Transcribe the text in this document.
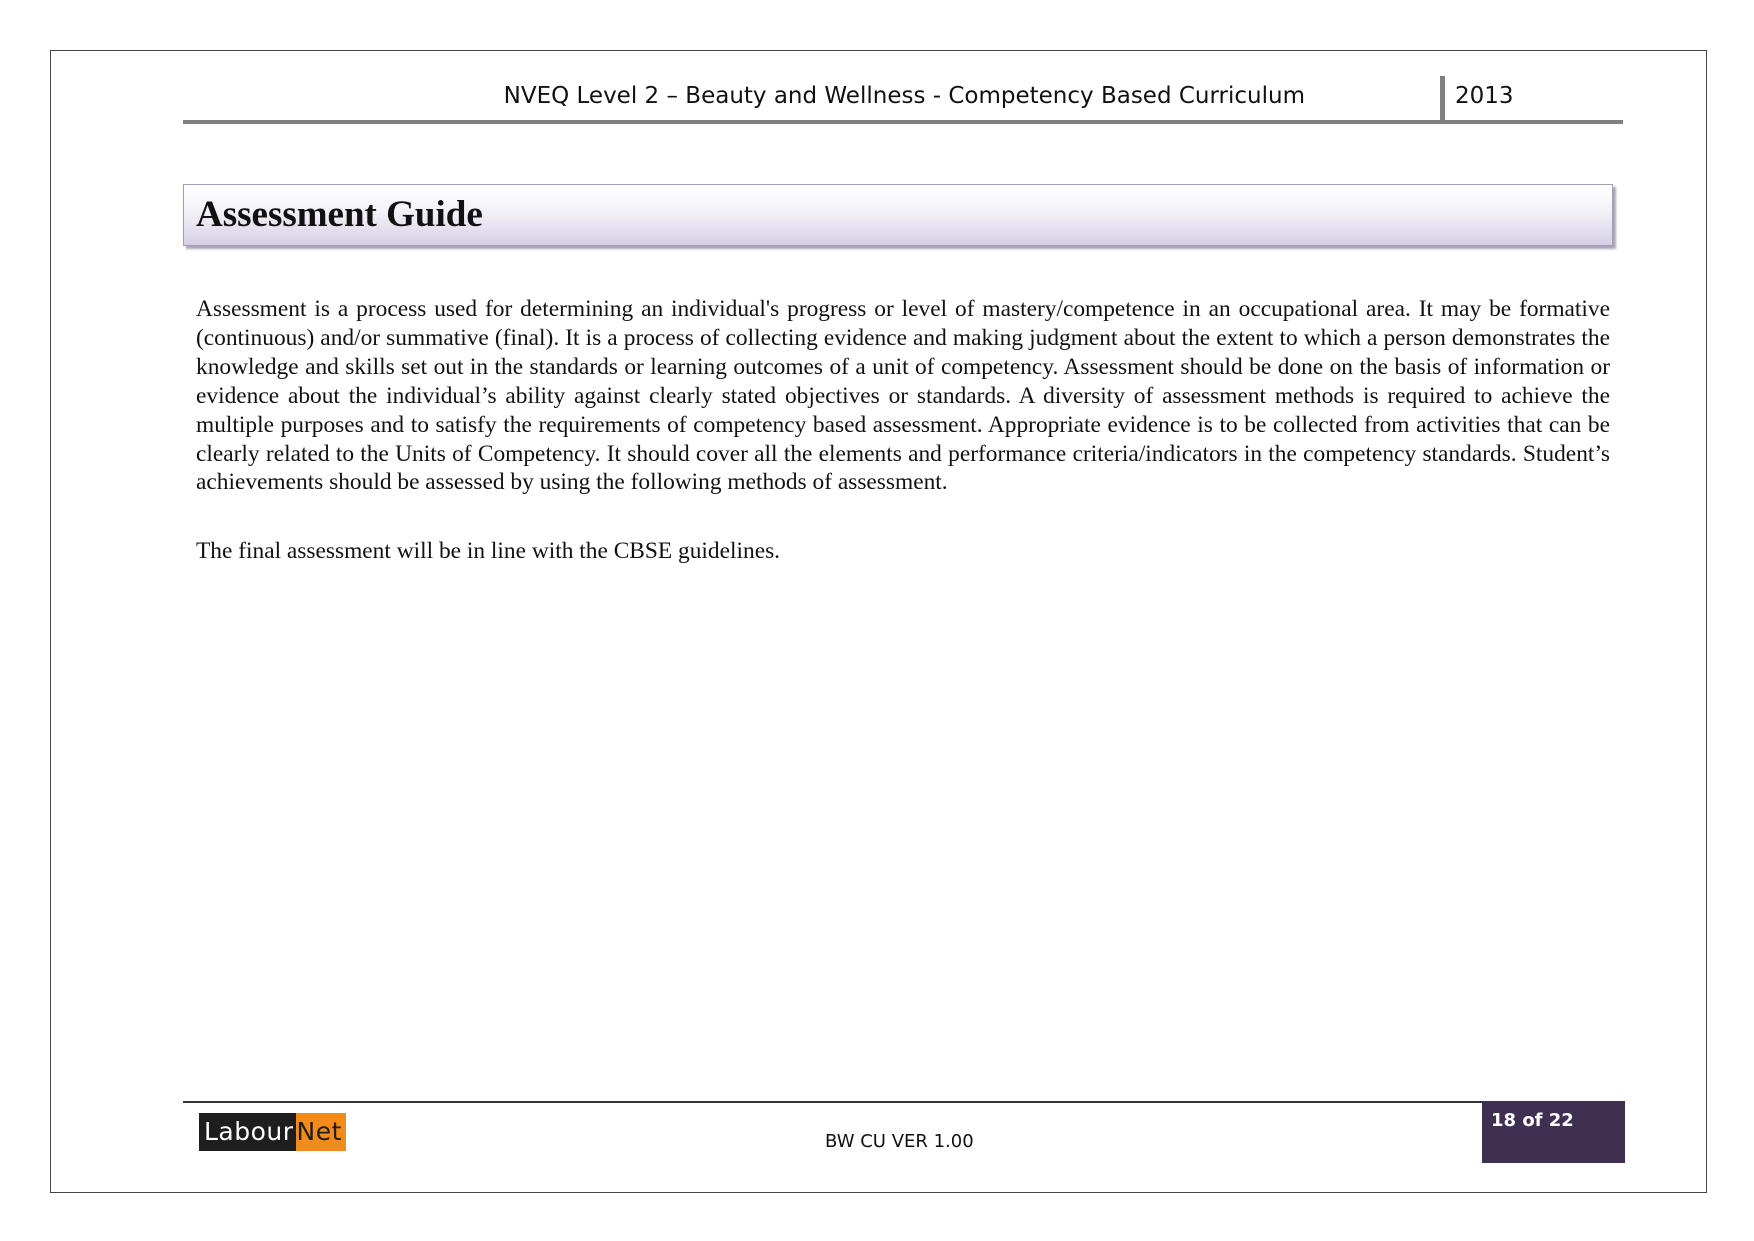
NVEQ Level 2 – Beauty and Wellness - Competency Based Curriculum	2013
Assessment Guide

Assessment is a process used for determining an individual's progress or level of mastery/competence in an occupational area. It may be formative (continuous) and/or summative (final). It is a process of collecting evidence and making judgment about the extent to which a person demonstrates the knowledge and skills set out in the standards or learning outcomes of a unit of competency. Assessment should be done on the basis of information or evidence about the individual’s ability against clearly stated objectives or standards. A diversity of assessment methods is required to achieve the multiple purposes and to satisfy the requirements of competency based assessment. Appropriate evidence is to be collected from activities that can be clearly related to the Units of Competency. It should cover all the elements and performance criteria/indicators in the competency standards. Student’s achievements should be assessed by using the following methods of assessment.

The final assessment will be in line with the CBSE guidelines.

Labour Net	BW CU VER 1.00
18 of 22
